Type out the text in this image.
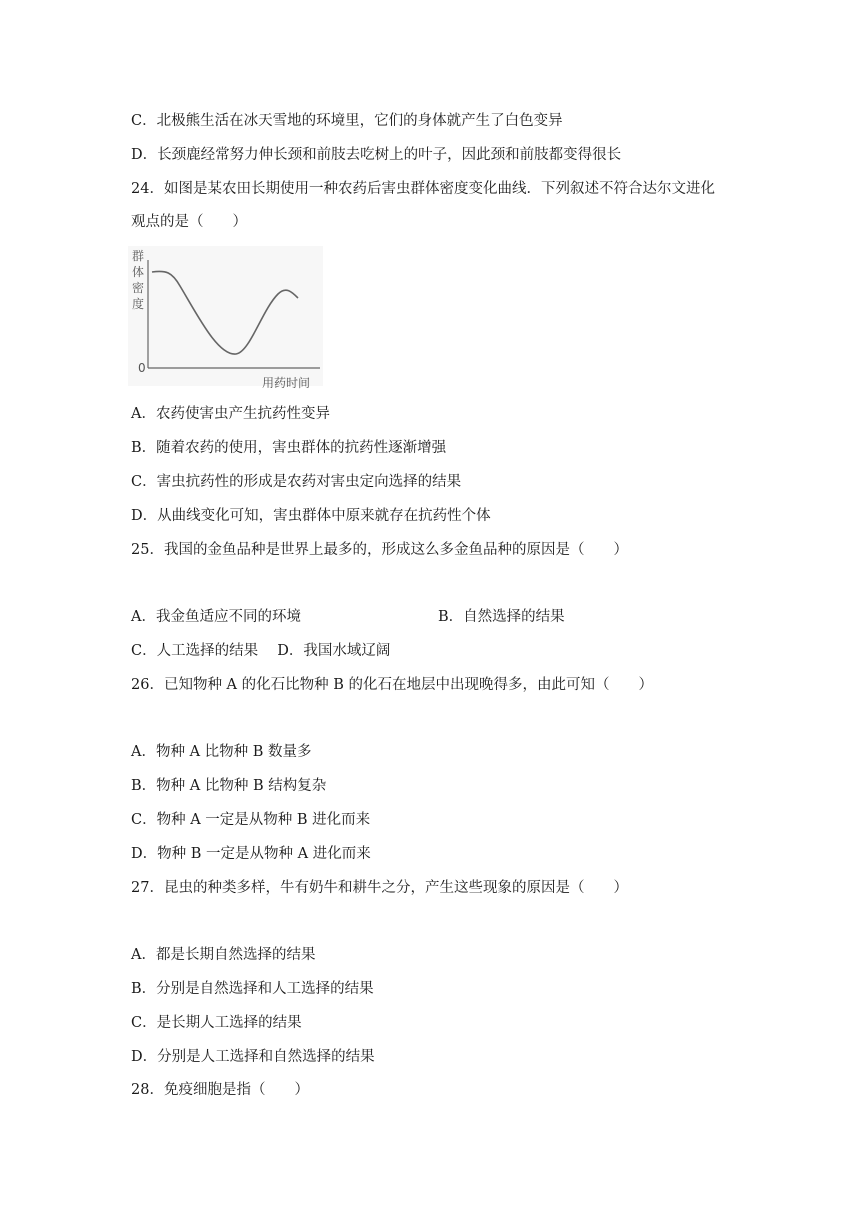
C．北极熊生活在冰天雪地的环境里，它们的身体就产生了白色变异
D．长颈鹿经常努力伸长颈和前肢去吃树上的叶子，因此颈和前肢都变得很长
24．如图是某农田长期使用一种农药后害虫群体密度变化曲线．下列叙述不符合达尔文进化
观点的是（　　）
群
体
密
度
0
用药时间
A．农药使害虫产生抗药性变异
B．随着农药的使用，害虫群体的抗药性逐渐增强
C．害虫抗药性的形成是农药对害虫定向选择的结果
D．从曲线变化可知，害虫群体中原来就存在抗药性个体
25．我国的金鱼品种是世界上最多的，形成这么多金鱼品种的原因是（　　）
A．我金鱼适应不同的环境	B．自然选择的结果
C．人工选择的结果　 D．我国水域辽阔
26．已知物种 A 的化石比物种 B 的化石在地层中出现晚得多，由此可知（　　）
A．物种 A 比物种 B 数量多
B．物种 A 比物种 B 结构复杂
C．物种 A 一定是从物种 B 进化而来
D．物种 B 一定是从物种 A 进化而来
27．昆虫的种类多样，牛有奶牛和耕牛之分，产生这些现象的原因是（　　）
A．都是长期自然选择的结果
B．分别是自然选择和人工选择的结果
C．是长期人工选择的结果
D．分别是人工选择和自然选择的结果
28．免疫细胞是指（　　）
